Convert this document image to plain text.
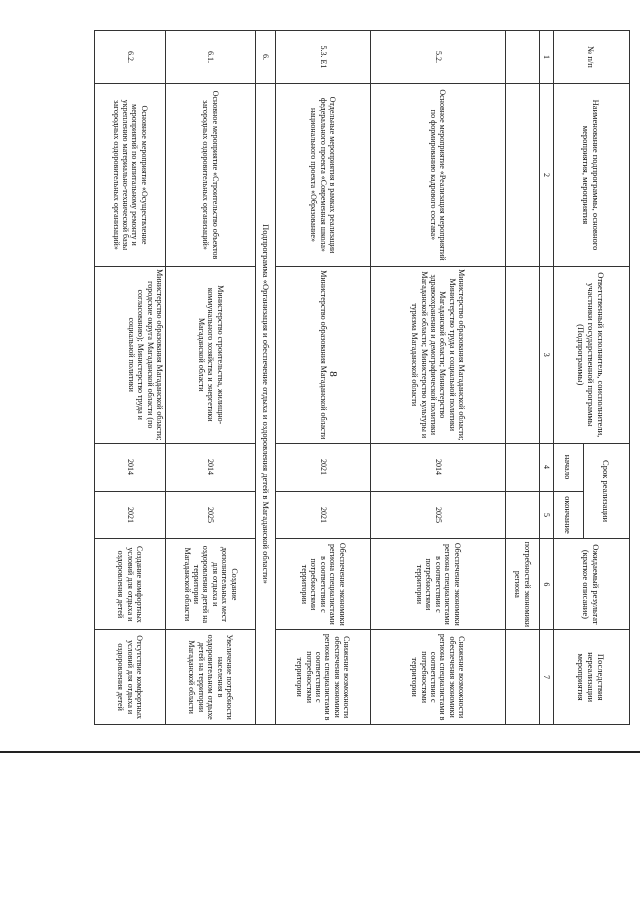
8
№ п/п	Наименование подпрограммы, основного мероприятия, мероприятия	Ответственный исполнитель, соисполнители, участники государственной программы (Подпрограммы)	Срок реализации		Ожидаемый результат (краткое описание)	Последствия нереализации мероприятия
			начало	окончание		
1	2	3	4	5	6	7
					потребностей экономики региона	
5.2.	Основное мероприятие «Реализация мероприятий по формированию кадрового состава»	Министерство образования Магаданской области; Министерство труда и социальной политики Магаданской области; Министерство здравоохранения и демографической политики Магаданской области; Министерство культуры и туризма Магаданской области	2014	2025	Обеспечение экономики региона специалистами в соответствии с потребностями территории	Снижение возможности обеспечения экономики региона специалистами в соответствии с потребностями территории
5.3. Е1	Отдельные мероприятия в рамках реализации федерального проекта «Современная школа» национального проекта «Образование»	Министерство образования Магаданской области	2021	2021	Обеспечение экономики региона специалистами в соответствии с потребностями территории	Снижение возможности обеспечения экономики региона специалистами в соответствии с потребностями территории
6.	Подпрограмма «Организация и обеспечение отдыха и оздоровления детей в Магаданской области»					
6.1.	Основное мероприятие «Строительство объектов загородных оздоровительных организаций»	Министерство строительства, жилищно-коммунального хозяйства и энергетики Магаданской области	2014	2025	Создание дополнительных мест для отдыха и оздоровления детей на территории Магаданской области	Увеличение потребности населения в оздоровительном отдыхе детей на территории Магаданской области
6.2.	Основное мероприятие «Осуществление мероприятий по капитальному ремонту и укреплению материально-технической базы загородных оздоровительных организаций»	Министерство образования Магаданской области; городские округа Магаданской области (по согласованию); Министерство труда и социальной политики	2014	2021	Создание комфортных условий для отдыха и оздоровления детей	Отсутствие комфортных условий для отдыха и оздоровления детей
